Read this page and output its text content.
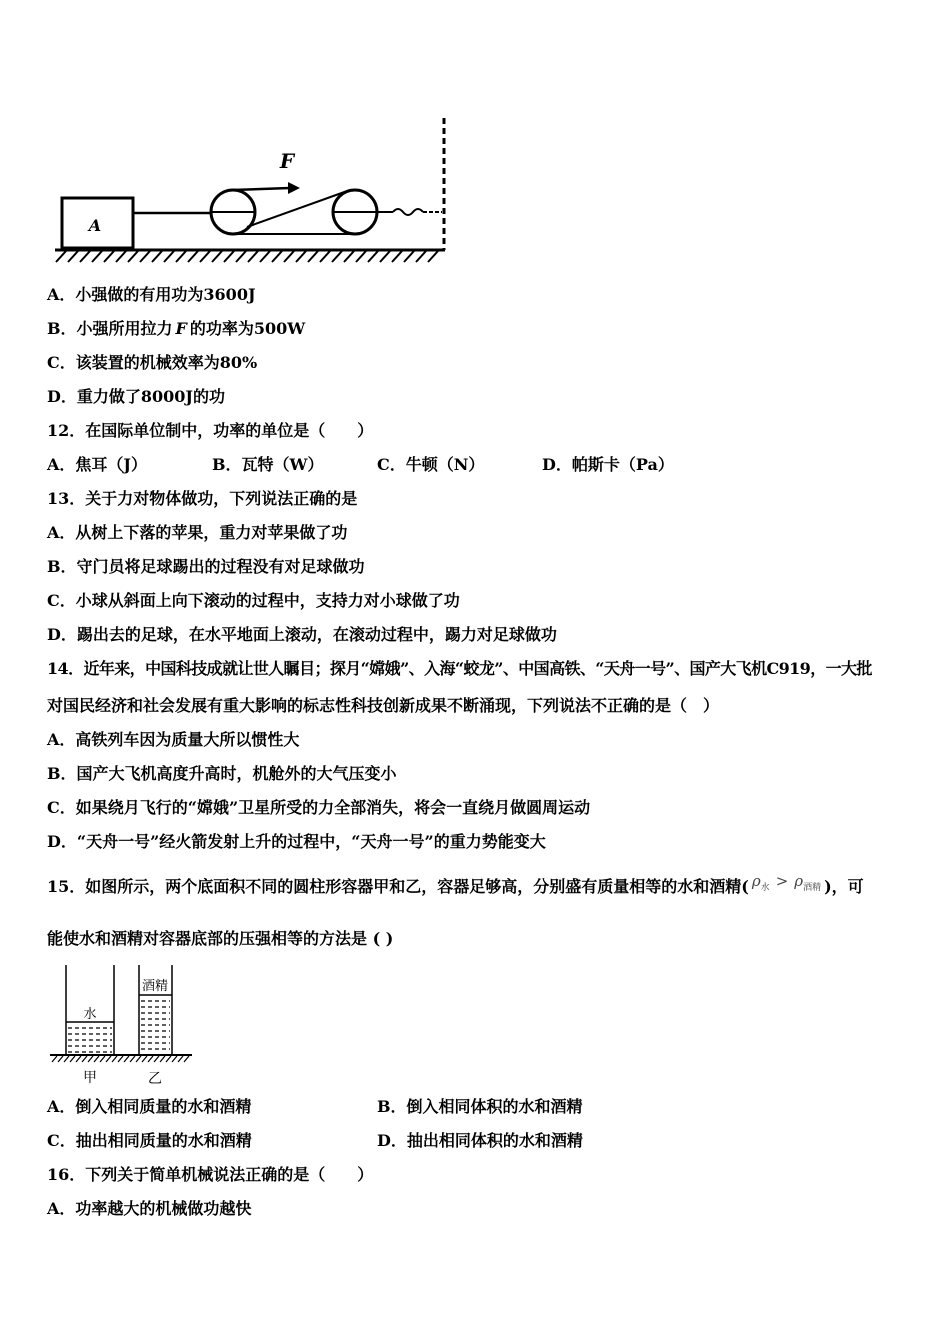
A
F
A．小强做的有用功为3600J
B．小强所用拉力 F 的功率为500W
C．该装置的机械效率为80%
D．重力做了8000J的功
12．在国际单位制中，功率的单位是（　　）
A．焦耳（J）	B．瓦特（W）	C．牛顿（N）	D．帕斯卡（Pa）
13．关于力对物体做功，下列说法正确的是
A．从树上下落的苹果，重力对苹果做了功
B．守门员将足球踢出的过程没有对足球做功
C．小球从斜面上向下滚动的过程中，支持力对小球做了功
D．踢出去的足球，在水平地面上滚动，在滚动过程中，踢力对足球做功
14．近年来，中国科技成就让世人瞩目；探月“嫦娥”、入海“蛟龙”、中国高铁、“天舟一号”、国产大飞机C919，一大批
对国民经济和社会发展有重大影响的标志性科技创新成果不断涌现，下列说法不正确的是（　）
A．高铁列车因为质量大所以惯性大
B．国产大飞机高度升高时，机舱外的大气压变小
C．如果绕月飞行的“嫦娥”卫星所受的力全部消失，将会一直绕月做圆周运动
D．“天舟一号”经火箭发射上升的过程中，“天舟一号”的重力势能变大
15．如图所示，两个底面积不同的圆柱形容器甲和乙，容器足够高，分别盛有质量相等的水和酒精( $\rho_水 > \rho_{酒精}$ )，可
能使水和酒精对容器底部的压强相等的方法是 ( )
水
酒精
甲	乙
A．倒入相同质量的水和酒精	B．倒入相同体积的水和酒精
C．抽出相同质量的水和酒精	D．抽出相同体积的水和酒精
16．下列关于简单机械说法正确的是（　　）
A．功率越大的机械做功越快
